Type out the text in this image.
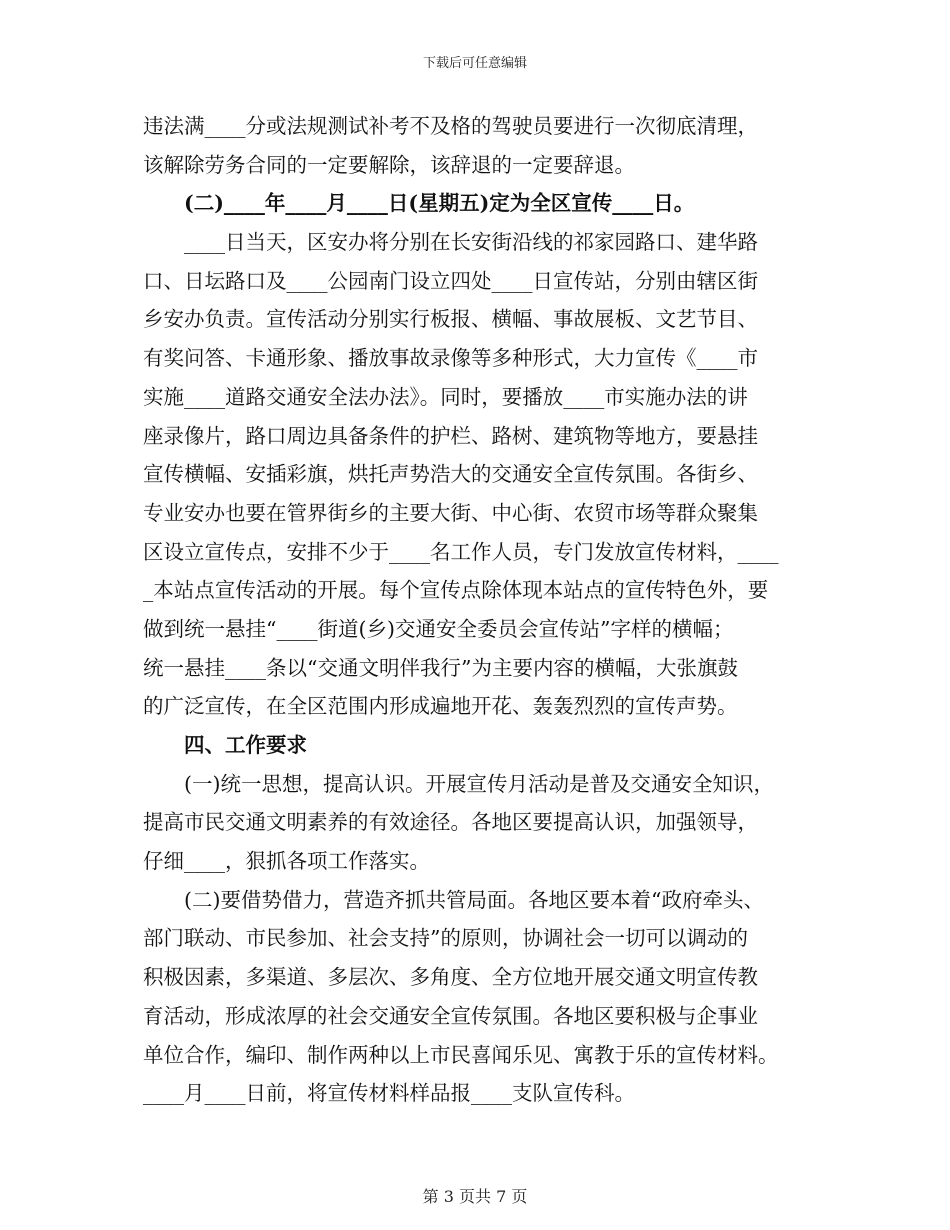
下载后可任意编辑
违法满____分或法规测试补考不及格的驾驶员要进行一次彻底清理，
该解除劳务合同的一定要解除，该辞退的一定要辞退。
(二)____年____月____日(星期五)定为全区宣传____日。
____日当天，区安办将分别在长安街沿线的祁家园路口、建华路
口、日坛路口及____公园南门设立四处____日宣传站，分别由辖区街
乡安办负责。宣传活动分别实行板报、横幅、事故展板、文艺节目、
有奖问答、卡通形象、播放事故录像等多种形式，大力宣传《____市
实施____道路交通安全法办法》。同时，要播放____市实施办法的讲
座录像片，路口周边具备条件的护栏、路树、建筑物等地方，要悬挂
宣传横幅、安插彩旗，烘托声势浩大的交通安全宣传氛围。各街乡、
专业安办也要在管界街乡的主要大街、中心街、农贸市场等群众聚集
区设立宣传点，安排不少于____名工作人员，专门发放宣传材料，____
_本站点宣传活动的开展。每个宣传点除体现本站点的宣传特色外，要
做到统一悬挂“____街道(乡)交通安全委员会宣传站”字样的横幅；
统一悬挂____条以“交通文明伴我行”为主要内容的横幅，大张旗鼓
的广泛宣传，在全区范围内形成遍地开花、轰轰烈烈的宣传声势。
四、工作要求
(一)统一思想，提高认识。开展宣传月活动是普及交通安全知识，
提高市民交通文明素养的有效途径。各地区要提高认识，加强领导，
仔细____，狠抓各项工作落实。
(二)要借势借力，营造齐抓共管局面。各地区要本着“政府牵头、
部门联动、市民参加、社会支持”的原则，协调社会一切可以调动的
积极因素，多渠道、多层次、多角度、全方位地开展交通文明宣传教
育活动，形成浓厚的社会交通安全宣传氛围。各地区要积极与企事业
单位合作，编印、制作两种以上市民喜闻乐见、寓教于乐的宣传材料。
____月____日前，将宣传材料样品报____支队宣传科。
第 3 页共 7 页
